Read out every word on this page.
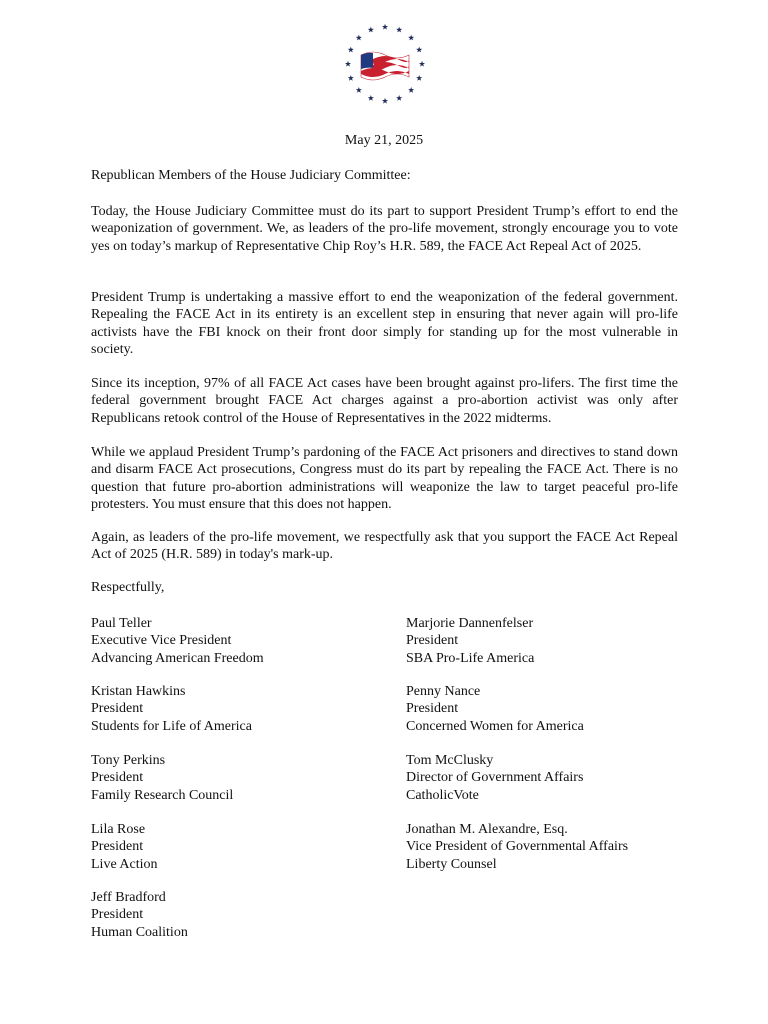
May 21, 2025
Republican Members of the House Judiciary Committee:

Today, the House Judiciary Committee must do its part to support President Trump’s effort to end the weaponization of government. We, as leaders of the pro-life movement, strongly encourage you to vote yes on today’s markup of Representative Chip Roy’s H.R. 589, the FACE Act Repeal Act of 2025.

President Trump is undertaking a massive effort to end the weaponization of the federal government. Repealing the FACE Act in its entirety is an excellent step in ensuring that never again will pro-life activists have the FBI knock on their front door simply for standing up for the most vulnerable in society.

Since its inception, 97% of all FACE Act cases have been brought against pro-lifers. The first time the federal government brought FACE Act charges against a pro-abortion activist was only after Republicans retook control of the House of Representatives in the 2022 midterms.

While we applaud President Trump’s pardoning of the FACE Act prisoners and directives to stand down and disarm FACE Act prosecutions, Congress must do its part by repealing the FACE Act. There is no question that future pro-abortion administrations will weaponize the law to target peaceful pro-life protesters. You must ensure that this does not happen.

Again, as leaders of the pro-life movement, we respectfully ask that you support the FACE Act Repeal Act of 2025 (H.R. 589) in today's mark-up.

Respectfully,
Paul Teller
Executive Vice President
Advancing American Freedom
Marjorie Dannenfelser
President
SBA Pro-Life America
Kristan Hawkins
President
Students for Life of America
Penny Nance
President
Concerned Women for America
Tony Perkins
President
Family Research Council
Tom McClusky
Director of Government Affairs
CatholicVote
Lila Rose
President
Live Action
Jonathan M. Alexandre, Esq.
Vice President of Governmental Affairs
Liberty Counsel
Jeff Bradford
President
Human Coalition
